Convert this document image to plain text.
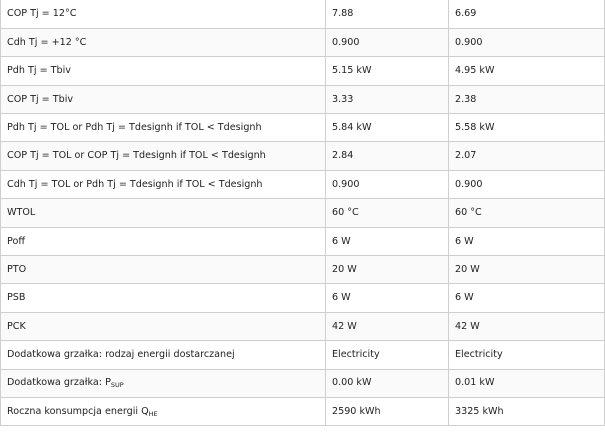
COP Tj = 12°C	7.88	6.69
Cdh Tj = +12 °C	0.900	0.900
Pdh Tj = Tbiv	5.15 kW	4.95 kW
COP Tj = Tbiv	3.33	2.38
Pdh Tj = TOL or Pdh Tj = Tdesignh if TOL < Tdesignh	5.84 kW	5.58 kW
COP Tj = TOL or COP Tj = Tdesignh if TOL < Tdesignh	2.84	2.07
Cdh Tj = TOL or Pdh Tj = Tdesignh if TOL < Tdesignh	0.900	0.900
WTOL	60 °C	60 °C
Poff	6 W	6 W
PTO	20 W	20 W
PSB	6 W	6 W
PCK	42 W	42 W
Dodatkowa grzałka: rodzaj energii dostarczanej	Electricity	Electricity
Dodatkowa grzałka: $P_{SUP}$	0.00 kW	0.01 kW
Roczna konsumpcja energii $Q_{HE}$	2590 kWh	3325 kWh
